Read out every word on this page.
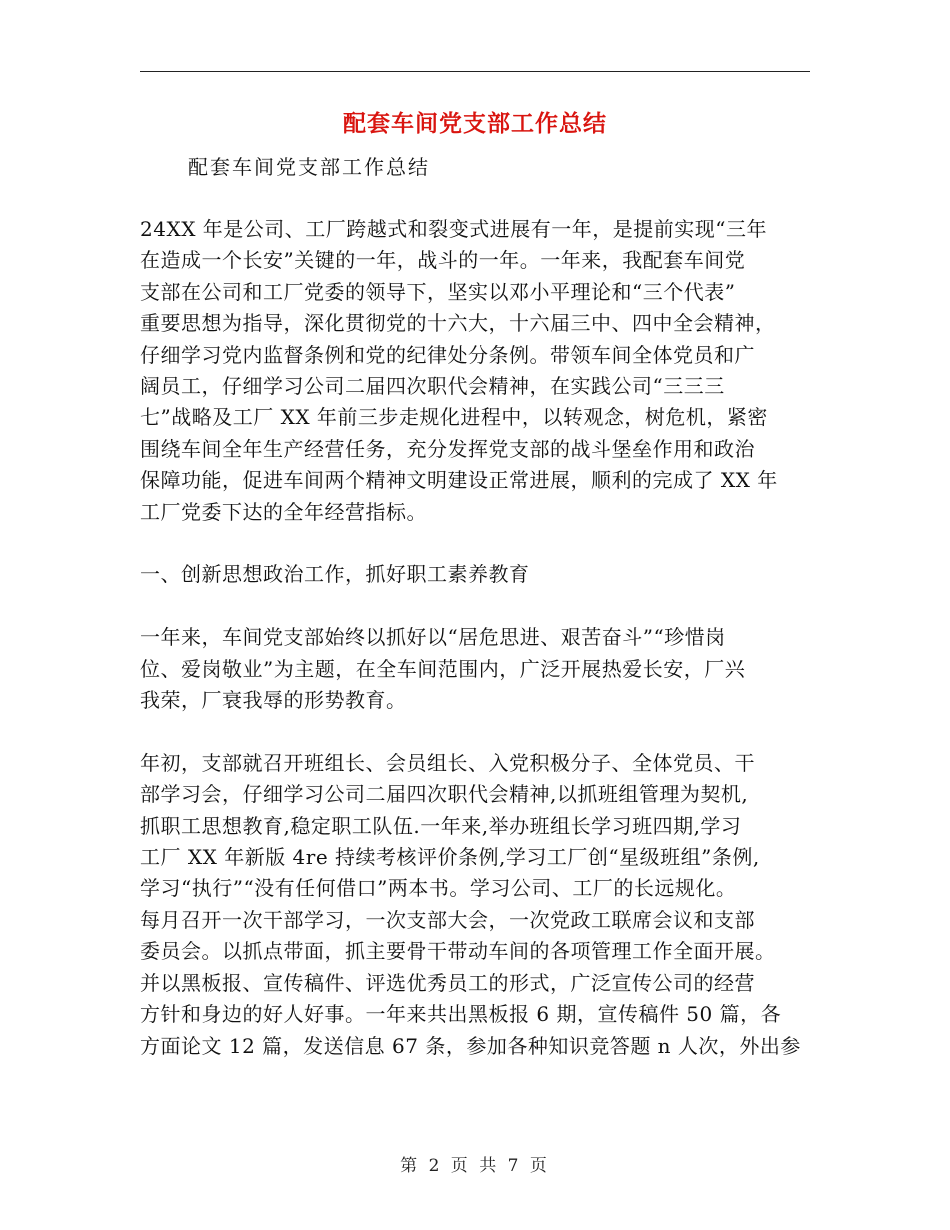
配套车间党支部工作总结
配套车间党支部工作总结

24XX 年是公司、工厂跨越式和裂变式进展有一年，是提前实现“三年
在造成一个长安”关键的一年，战斗的一年。一年来，我配套车间党
支部在公司和工厂党委的领导下，坚实以邓小平理论和“三个代表”
重要思想为指导，深化贯彻党的十六大，十六届三中、四中全会精神，
仔细学习党内监督条例和党的纪律处分条例。带领车间全体党员和广
阔员工，仔细学习公司二届四次职代会精神，在实践公司“三三三
七”战略及工厂 XX 年前三步走规化进程中，以转观念，树危机，紧密
围绕车间全年生产经营任务，充分发挥党支部的战斗堡垒作用和政治
保障功能，促进车间两个精神文明建设正常进展，顺利的完成了 XX 年
工厂党委下达的全年经营指标。

一、创新思想政治工作，抓好职工素养教育

一年来，车间党支部始终以抓好以“居危思进、艰苦奋斗”“珍惜岗
位、爱岗敬业”为主题，在全车间范围内，广泛开展热爱长安，厂兴
我荣，厂衰我辱的形势教育。

年初，支部就召开班组长、会员组长、入党积极分子、全体党员、干
部学习会，仔细学习公司二届四次职代会精神,以抓班组管理为契机,
抓职工思想教育,稳定职工队伍.一年来,举办班组长学习班四期,学习
工厂 XX 年新版 4re 持续考核评价条例,学习工厂创“星级班组”条例,
学习“执行”“没有任何借口”两本书。学习公司、工厂的长远规化。
每月召开一次干部学习，一次支部大会，一次党政工联席会议和支部
委员会。以抓点带面，抓主要骨干带动车间的各项管理工作全面开展。
并以黑板报、宣传稿件、评选优秀员工的形式，广泛宣传公司的经营
方针和身边的好人好事。一年来共出黑板报 6 期，宣传稿件 50 篇，各
方面论文 12 篇，发送信息 67 条，参加各种知识竞答题 n 人次，外出参

第 2 页 共 7 页
